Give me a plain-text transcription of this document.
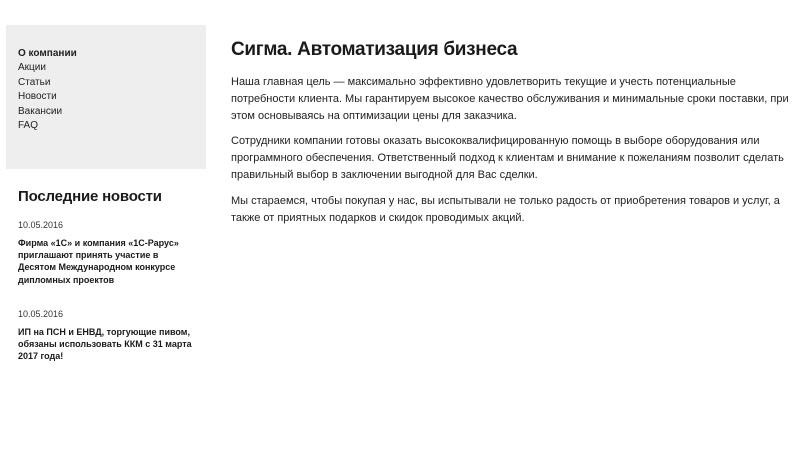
О компании
Акции
Статьи
Новости
Вакансии
FAQ
Последние новости
10.05.2016
Фирма «1С» и компания «1С-Рарус» приглашают принять участие в Десятом Международном конкурсе дипломных проектов
10.05.2016
ИП на ПСН и ЕНВД, торгующие пивом, обязаны использовать ККМ с 31 марта 2017 года!
Сигма. Автоматизация бизнеса

Наша главная цель — максимально эффективно удовлетворить текущие и учесть потенциальные потребности клиента. Мы гарантируем высокое качество обслуживания и минимальные сроки поставки, при этом основываясь на оптимизации цены для заказчика.

Сотрудники компании готовы оказать высококвалифицированную помощь в выборе оборудования или программного обеспечения. Ответственный подход к клиентам и внимание к пожеланиям позволит сделать правильный выбор в заключении выгодной для Вас сделки.

Мы стараемся, чтобы покупая у нас, вы испытывали не только радость от приобретения товаров и услуг, а также от приятных подарков и скидок проводимых акций.
